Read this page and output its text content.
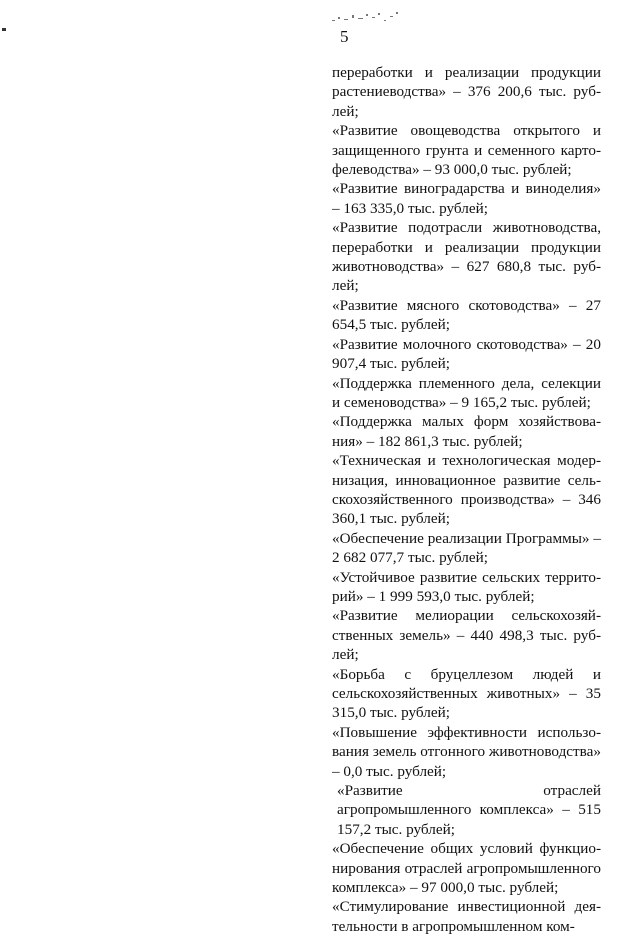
5

переработки и реализации продукции растениеводства» – 376 200,6 тыс. рублей;

«Развитие овощеводства открытого и защищенного грунта и семенного картофелеводства» – 93 000,0 тыс. рублей;

«Развитие виноградарства и виноделия» – 163 335,0 тыс. рублей;

«Развитие подотрасли животноводства, переработки и реализации продукции животноводства» – 627 680,8 тыс. рублей;

«Развитие мясного скотоводства» – 27 654,5 тыс. рублей;

«Развитие молочного скотоводства» – 20 907,4 тыс. рублей;

«Поддержка племенного дела, селекции и семеноводства» – 9 165,2 тыс. рублей;

«Поддержка малых форм хозяйствования» – 182 861,3 тыс. рублей;

«Техническая и технологическая модернизация, инновационное развитие сельскохозяйственного производства» – 346 360,1 тыс. рублей;

«Обеспечение реализации Программы» – 2 682 077,7 тыс. рублей;

«Устойчивое развитие сельских территорий» – 1 999 593,0 тыс. рублей;

«Развитие мелиорации сельскохозяйственных земель» – 440 498,3 тыс. рублей;

«Борьба с бруцеллезом людей и сельскохозяйственных животных» – 35 315,0 тыс. рублей;

«Повышение эффективности использования земель отгонного животноводства» – 0,0 тыс. рублей;

«Развитие отраслей агропромышленного комплекса» – 515 157,2 тыс. рублей;

«Обеспечение общих условий функционирования отраслей агропромышленного комплекса» – 97 000,0 тыс. рублей;

«Стимулирование инвестиционной деятельности в агропромышленном ком-
